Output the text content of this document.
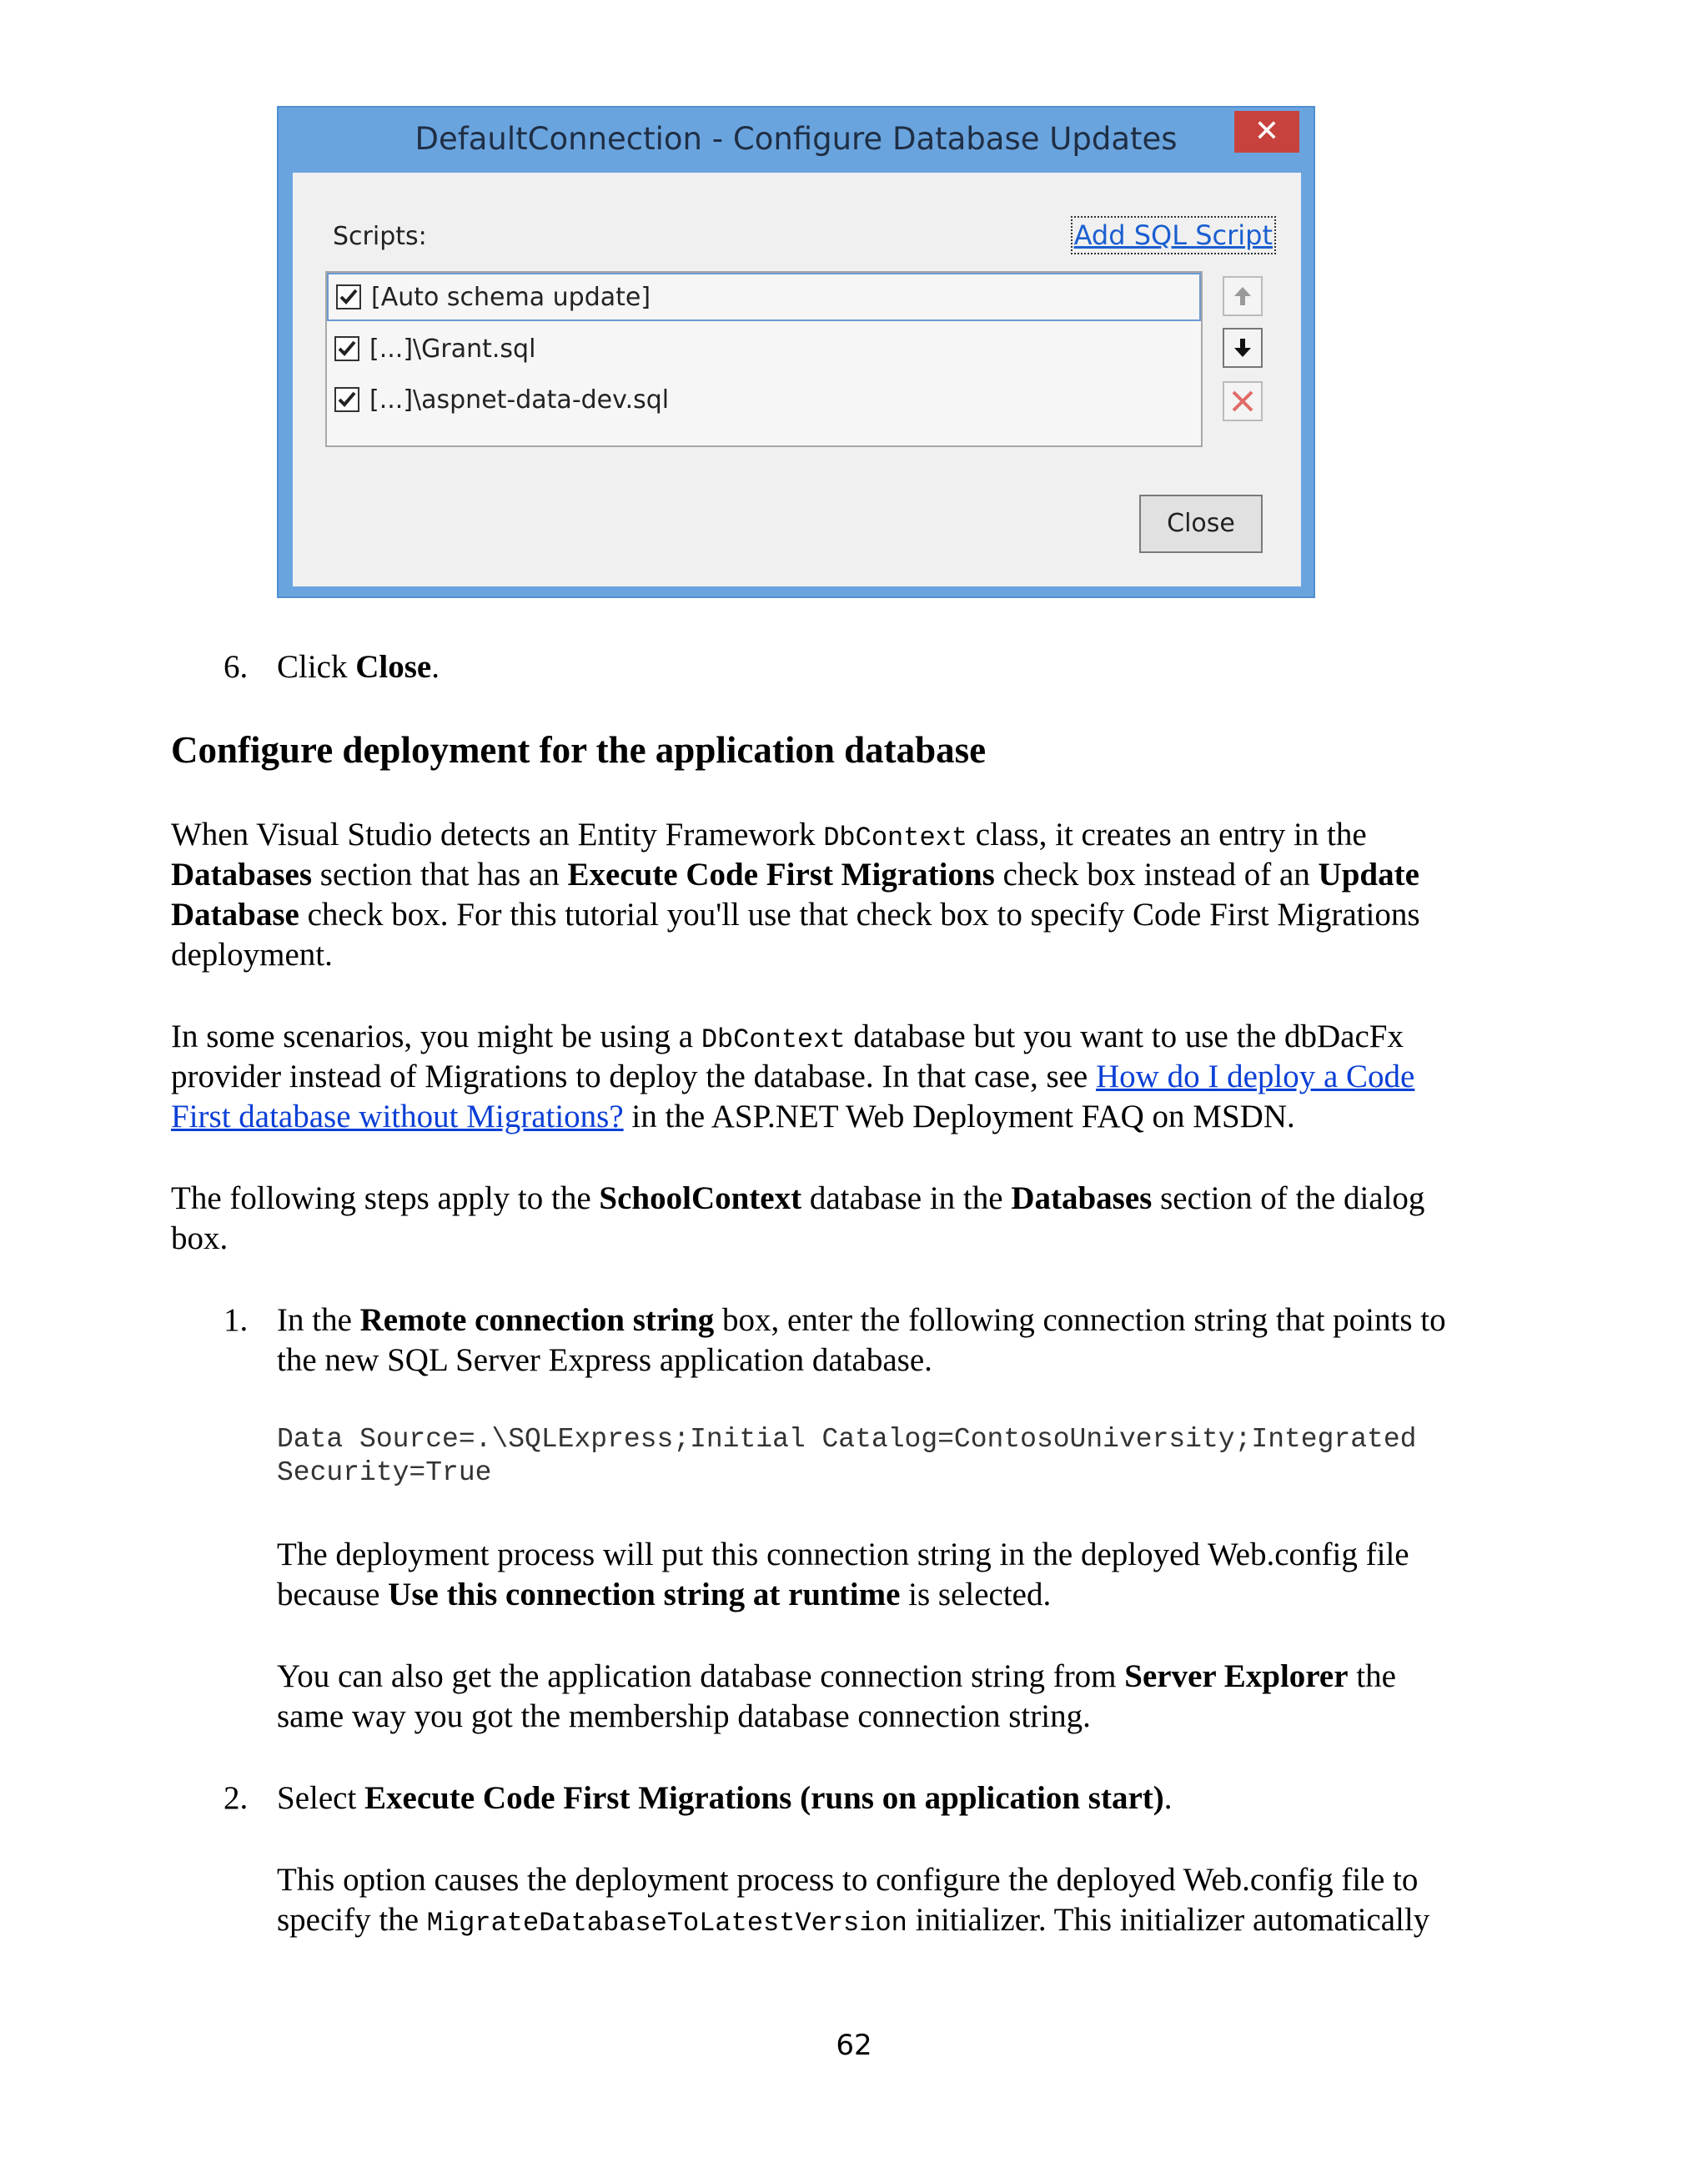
DefaultConnection - Configure Database Updates	✕
Scripts:	Add SQL Script
[Auto schema update]
[...]\Grant.sql
[...]\aspnet-data-dev.sql
Close
6. Click Close.
Configure deployment for the application database
When Visual Studio detects an Entity Framework DbContext class, it creates an entry in the
Databases section that has an Execute Code First Migrations check box instead of an Update
Database check box. For this tutorial you'll use that check box to specify Code First Migrations
deployment.
In some scenarios, you might be using a DbContext database but you want to use the dbDacFx
provider instead of Migrations to deploy the database. In that case, see How do I deploy a Code
First database without Migrations? in the ASP.NET Web Deployment FAQ on MSDN.
The following steps apply to the SchoolContext database in the Databases section of the dialog
box.
1. In the Remote connection string box, enter the following connection string that points to
the new SQL Server Express application database.
Data Source=.\SQLExpress;Initial Catalog=ContosoUniversity;Integrated
Security=True
The deployment process will put this connection string in the deployed Web.config file
because Use this connection string at runtime is selected.
You can also get the application database connection string from Server Explorer the
same way you got the membership database connection string.
2. Select Execute Code First Migrations (runs on application start).
This option causes the deployment process to configure the deployed Web.config file to
specify the MigrateDatabaseToLatestVersion initializer. This initializer automatically
62
